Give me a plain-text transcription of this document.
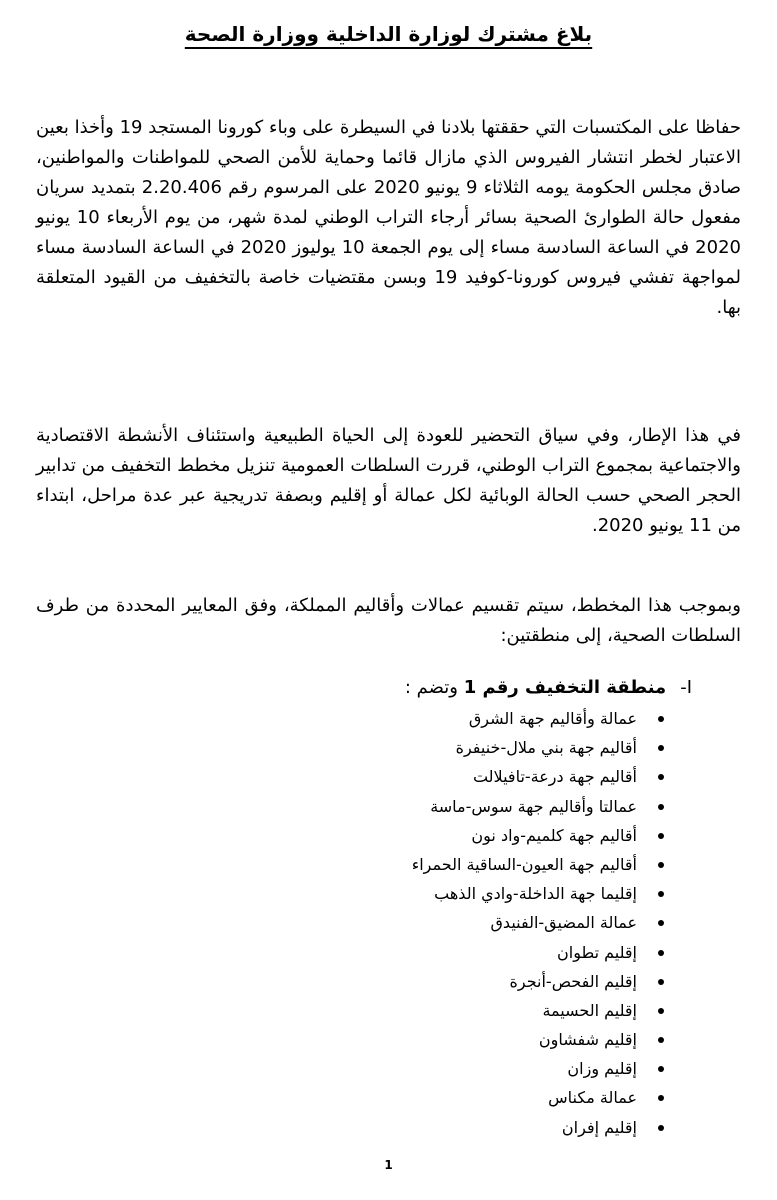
بلاغ مشترك لوزارة الداخلية ووزارة الصحة

حفاظا على المكتسبات التي حققتها بلادنا في السيطرة على وباء كورونا المستجد 19 وأخذا بعين الاعتبار لخطر انتشار الفيروس الذي مازال قائما وحماية للأمن الصحي للمواطنات والمواطنين، صادق مجلس الحكومة يومه الثلاثاء 9 يونيو 2020 على المرسوم رقم 2.20.406 بتمديد سريان مفعول حالة الطوارئ الصحية بسائر أرجاء التراب الوطني لمدة شهر، من يوم الأربعاء 10 يونيو 2020 في الساعة السادسة مساء إلى يوم الجمعة 10 يوليوز 2020 في الساعة السادسة مساء لمواجهة تفشي فيروس كورونا-كوفيد 19 وبسن مقتضيات خاصة بالتخفيف من القيود المتعلقة بها.

في هذا الإطار، وفي سياق التحضير للعودة إلى الحياة الطبيعية واستئناف الأنشطة الاقتصادية والاجتماعية بمجموع التراب الوطني، قررت السلطات العمومية تنزيل مخطط التخفيف من تدابير الحجر الصحي حسب الحالة الوبائية لكل عمالة أو إقليم وبصفة تدريجية عبر عدة مراحل، ابتداء من 11 يونيو 2020.

وبموجب هذا المخطط، سيتم تقسيم عمالات وأقاليم المملكة، وفق المعايير المحددة من طرف السلطات الصحية، إلى منطقتين:

I-
منطقة التخفيف رقم 1 وتضم :
عمالة وأقاليم جهة الشرق
أقاليم جهة بني ملال-خنيفرة
أقاليم جهة درعة-تافيلالت
عمالتا وأقاليم جهة سوس-ماسة
أقاليم جهة كلميم-واد نون
أقاليم جهة العيون-الساقية الحمراء
إقليما جهة الداخلة-وادي الذهب
عمالة المضيق-الفنيدق
إقليم تطوان
إقليم الفحص-أنجرة
إقليم الحسيمة
إقليم شفشاون
إقليم وزان
عمالة مكناس
إقليم إفران
1
